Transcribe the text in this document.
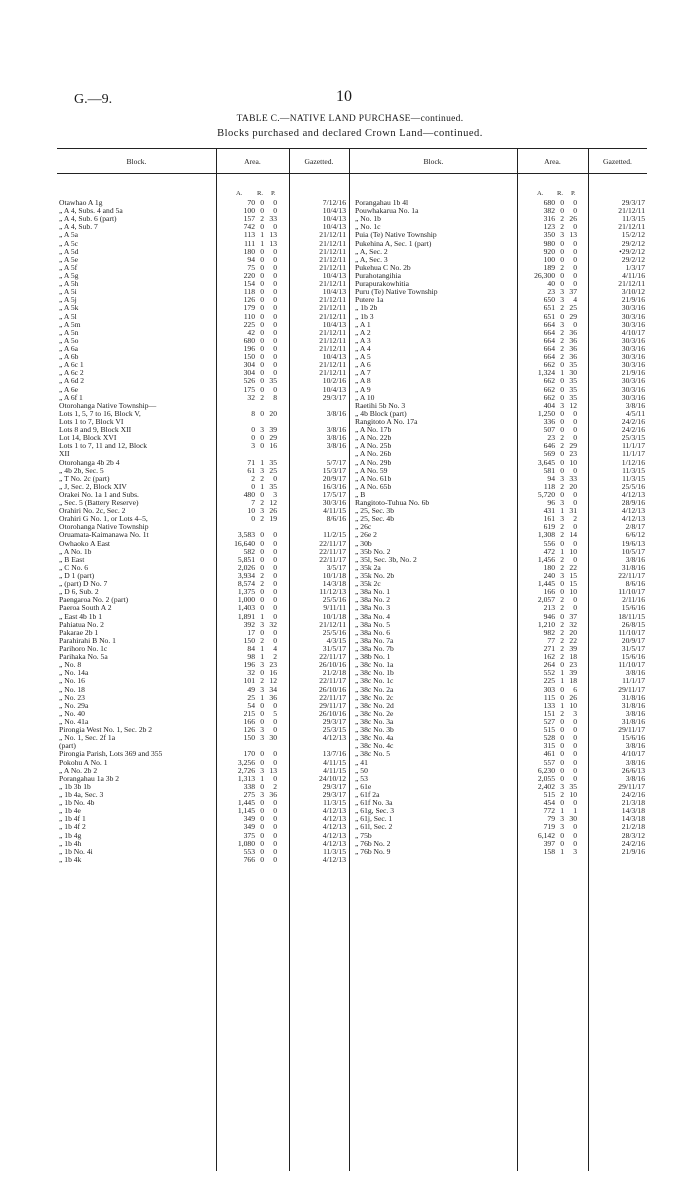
G.—9.	10
TABLE C.—NATIVE LAND PURCHASE—continued.
Blocks purchased and declared Crown Land—continued.
Block.	Area.	Gazetted.	Block.	Area.	Gazetted.
A. R. P.	A. R. P.
Otawhao A 1g	70 0	0	7/12/16
„ A 4, Subs. 4 and 5a	100 0	0	10/4/13
„ A 4, Sub. 6 (part)	157 2 33	10/4/13
„ A 4, Sub. 7	742 0	0	10/4/13
„ A 5a	113 1 13	21/12/11
„ A 5c	111 1 13	21/12/11
„ A 5d	180 0	0	21/12/11
„ A 5e	94 0	0	21/12/11
„ A 5f	75 0	0	21/12/11
„ A 5g	220 0	0	10/4/13
„ A 5h	154 0	0	21/12/11
„ A 5i	118 0	0	10/4/13
„ A 5j	126 0	0	21/12/11
„ A 5k	179 0	0	21/12/11
„ A 5l	110 0	0	21/12/11
„ A 5m	225 0	0	10/4/13
„ A 5n	42 0	0	21/12/11
„ A 5o	680 0	0	21/12/11
„ A 6a	196 0	0	21/12/11
„ A 6b	150 0	0	10/4/13
„ A 6c 1	304 0	0	21/12/11
„ A 6c 2	304 0	0	21/12/11
„ A 6d 2	526 0 35	10/2/16
„ A 6e	175 0	0	10/4/13
„ A 6f 1	32 2	8	29/3/17
Otorohanga Native Township—
Lots 1, 5, 7 to 16, Block V,	8 0 20	3/8/16
Lots 1 to 7, Block VI
Lots 8 and 9, Block XII	0 3 39	3/8/16
Lot 14, Block XVI	0 0 29	3/8/16
Lots 1 to 7, 11 and 12, Block	3 0 16	3/8/16
XII
Otorohanga 4b 2b 4	71 1 35	5/7/17
„ 4b 2b, Sec. 5	61 3 25	15/3/17
„ T No. 2c (part)	2 2	0	20/9/17
„ J, Sec. 2, Block XIV	0 1 35	16/3/16
Orakei No. 1a 1 and Subs.	480 0	3	17/5/17
„ Sec. 5 (Battery Reserve)	7 2 12	30/3/16
Orahiri No. 2c, Sec. 2	10 3 26	4/11/15
Orahiri G No. 1, or Lots 4–5,	0 2 19	8/6/16
Otorohanga Native Township
Oruamata-Kaimanawa No. 1t	3,583 0	0	11/2/15
Owhaoko A East	16,640 0	0	22/11/17
„ A No. 1b	582 0	0	22/11/17
„ B East	5,851 0	0	22/11/17
„ C No. 6	2,026 0	0	3/5/17
„ D 1 (part)	3,934 2	0	10/1/18
„ (part) D No. 7	8,574 2	0	14/3/18
„ D 6, Sub. 2	1,375 0	0	11/12/13
Paengaroa No. 2 (part)	1,000 0	0	25/5/16
Paeroa South A 2	1,403 0	0	9/11/11
„ East 4b 1b 1	1,891 1	0	10/1/18
Pahiatua No. 2	392 3 32	21/12/11
Pakarae 2b 1	17 0	0	25/5/16
Parahirahi B No. 1	150 2	0	4/3/15
Parihoro No. 1c	84 1	4	31/5/17
Parihaka No. 5a	98 1	2	22/11/17
„ No. 8	196 3 23	26/10/16
„ No. 14a	32 0 16	21/2/18
„ No. 16	101 2 12	22/11/17
„ No. 18	49 3 34	26/10/16
„ No. 23	25 1 36	22/11/17
„ No. 29a	54 0	0	29/11/17
„ No. 40	215 0	5	26/10/16
„ No. 41a	166 0	0	29/3/17
Pirongia West No. 1, Sec. 2b 2	126 3	0	25/3/15
„ No. 1, Sec. 2f 1a	150 3 30	4/12/13
(part)
Pirongia Parish, Lots 369 and 355	170 0	0	13/7/16
Pokohu A No. 1	3,256 0	0	4/11/15
„ A No. 2b 2	2,726 3 13	4/11/15
Porangahau 1a 3b 2	1,313 1	0	24/10/12
„ 1b 3b 1b	338 0	2	29/3/17
„ 1b 4a, Sec. 3	275 3 36	29/3/17
„ 1b No. 4b	1,445 0	0	11/3/15
„ 1b 4e	1,145 0	0	4/12/13
„ 1b 4f 1	349 0	0	4/12/13
„ 1b 4f 2	349 0	0	4/12/13
„ 1b 4g	375 0	0	4/12/13
„ 1b 4h	1,080 0	0	4/12/13
„ 1b No. 4i	553 0	0	11/3/15
„ 1b 4k	766 0	0	4/12/13
Porangahau 1b 4l	680 0	0	29/3/17
Pouwhakarua No. 1a	382 0	0	21/12/11
„ No. 1b	316 2 26	11/3/15
„ No. 1c	123 2	0	21/12/11
Puia (Te) Native Township	350 3 13	15/2/12
Pukehina A, Sec. 1 (part)	980 0	0	29/2/12
„ A, Sec. 2	920 0	0	•29/2/12
„ A, Sec. 3	100 0	0	29/2/12
Pukehua C No. 2b	189 2	0	1/3/17
Purahotangihia	26,300 0	0	4/11/16
Purapurakowhitia	40 0	0	21/12/11
Puru (Te) Native Township	23 3 37	3/10/12
Putere 1a	650 3	4	21/9/16
„ 1b 2b	651 2 25	30/3/16
„ 1b 3	651 0 29	30/3/16
„ A 1	664 3	0	30/3/16
„ A 2	664 2 36	4/10/17
„ A 3	664 2 36	30/3/16
„ A 4	664 2 36	30/3/16
„ A 5	664 2 36	30/3/16
„ A 6	662 0 35	30/3/16
„ A 7	1,324 1 30	21/9/16
„ A 8	662 0 35	30/3/16
„ A 9	662 0 35	30/3/16
„ A 10	662 0 35	30/3/16
Raetihi 5b No. 3	404 3 12	3/8/16
„ 4b Block (part)	1,250 0	0	4/5/11
Rangitoto A No. 17a	336 0	0	24/2/16
„ A No. 17b	507 0	0	24/2/16
„ A No. 22b	23 2	0	25/3/15
„ A No. 25b	646 2 29	11/1/17
„ A No. 26b	569 0 23	11/1/17
„ A No. 29b	3,645 0 10	1/12/16
„ A No. 59	581 0	0	11/3/15
„ A No. 61b	94 3 33	11/3/15
„ A No. 65b	118 2 20	25/5/16
„ B	5,720 0	0	4/12/13
Rangitoto-Tuhua No. 6b	96 3	0	28/9/16
„ 25, Sec. 3b	431 1 31	4/12/13
„ 25, Sec. 4b	161 3	2	4/12/13
„ 26c	619 2	0	2/8/17
„ 26e 2	1,308 2 14	6/6/12
„ 30b	556 0	0	19/6/13
„ 35b No. 2	472 1 10	10/5/17
„ 35l, Sec. 3b, No. 2	1,456 2	0	3/8/16
„ 35k 2a	180 2 22	31/8/16
„ 35k No. 2b	240 3 15	22/11/17
„ 35k 2c	1,445 0 15	8/6/16
„ 38a No. 1	166 0 10	11/10/17
„ 38a No. 2	2,057 2	0	2/11/16
„ 38a No. 3	213 2	0	15/6/16
„ 38a No. 4	946 0 37	18/11/15
„ 38a No. 5	1,210 2 32	26/8/15
„ 38a No. 6	982 2 20	11/10/17
„ 38a No. 7a	77 2 22	20/9/17
„ 38a No. 7b	271 2 39	31/5/17
„ 38b No. 1	162 2 18	15/6/16
„ 38c No. 1a	264 0 23	11/10/17
„ 38c No. 1b	552 1 39	3/8/16
„ 38c No. 1c	225 1 18	11/1/17
„ 38c No. 2a	303 0	6	29/11/17
„ 38c No. 2c	115 0 26	31/8/16
„ 38c No. 2d	133 1 10	31/8/16
„ 38c No. 2e	151 2	3	3/8/16
„ 38c No. 3a	527 0	0	31/8/16
„ 38c No. 3b	515 0	0	29/11/17
„ 38c No. 4a	528 0	0	15/6/16
„ 38c No. 4c	315 0	0	3/8/16
„ 38c No. 5	461 0	0	4/10/17
„ 41	557 0	0	3/8/16
„ 50	6,230 0	0	26/6/13
„ 53	2,055 0	0	3/8/16
„ 61e	2,402 3 35	29/11/17
„ 61f 2a	515 2 10	24/2/16
„ 61f No. 3a	454 0	0	21/3/18
„ 61g, Sec. 3	772 1	1	14/3/18
„ 61j, Sec. 1	79 3 30	14/3/18
„ 61l, Sec. 2	719 3	0	21/2/18
„ 75b	6,142 0	0	28/3/12
„ 76b No. 2	397 0	0	24/2/16
„ 76b No. 9	158 1	3	21/9/16
